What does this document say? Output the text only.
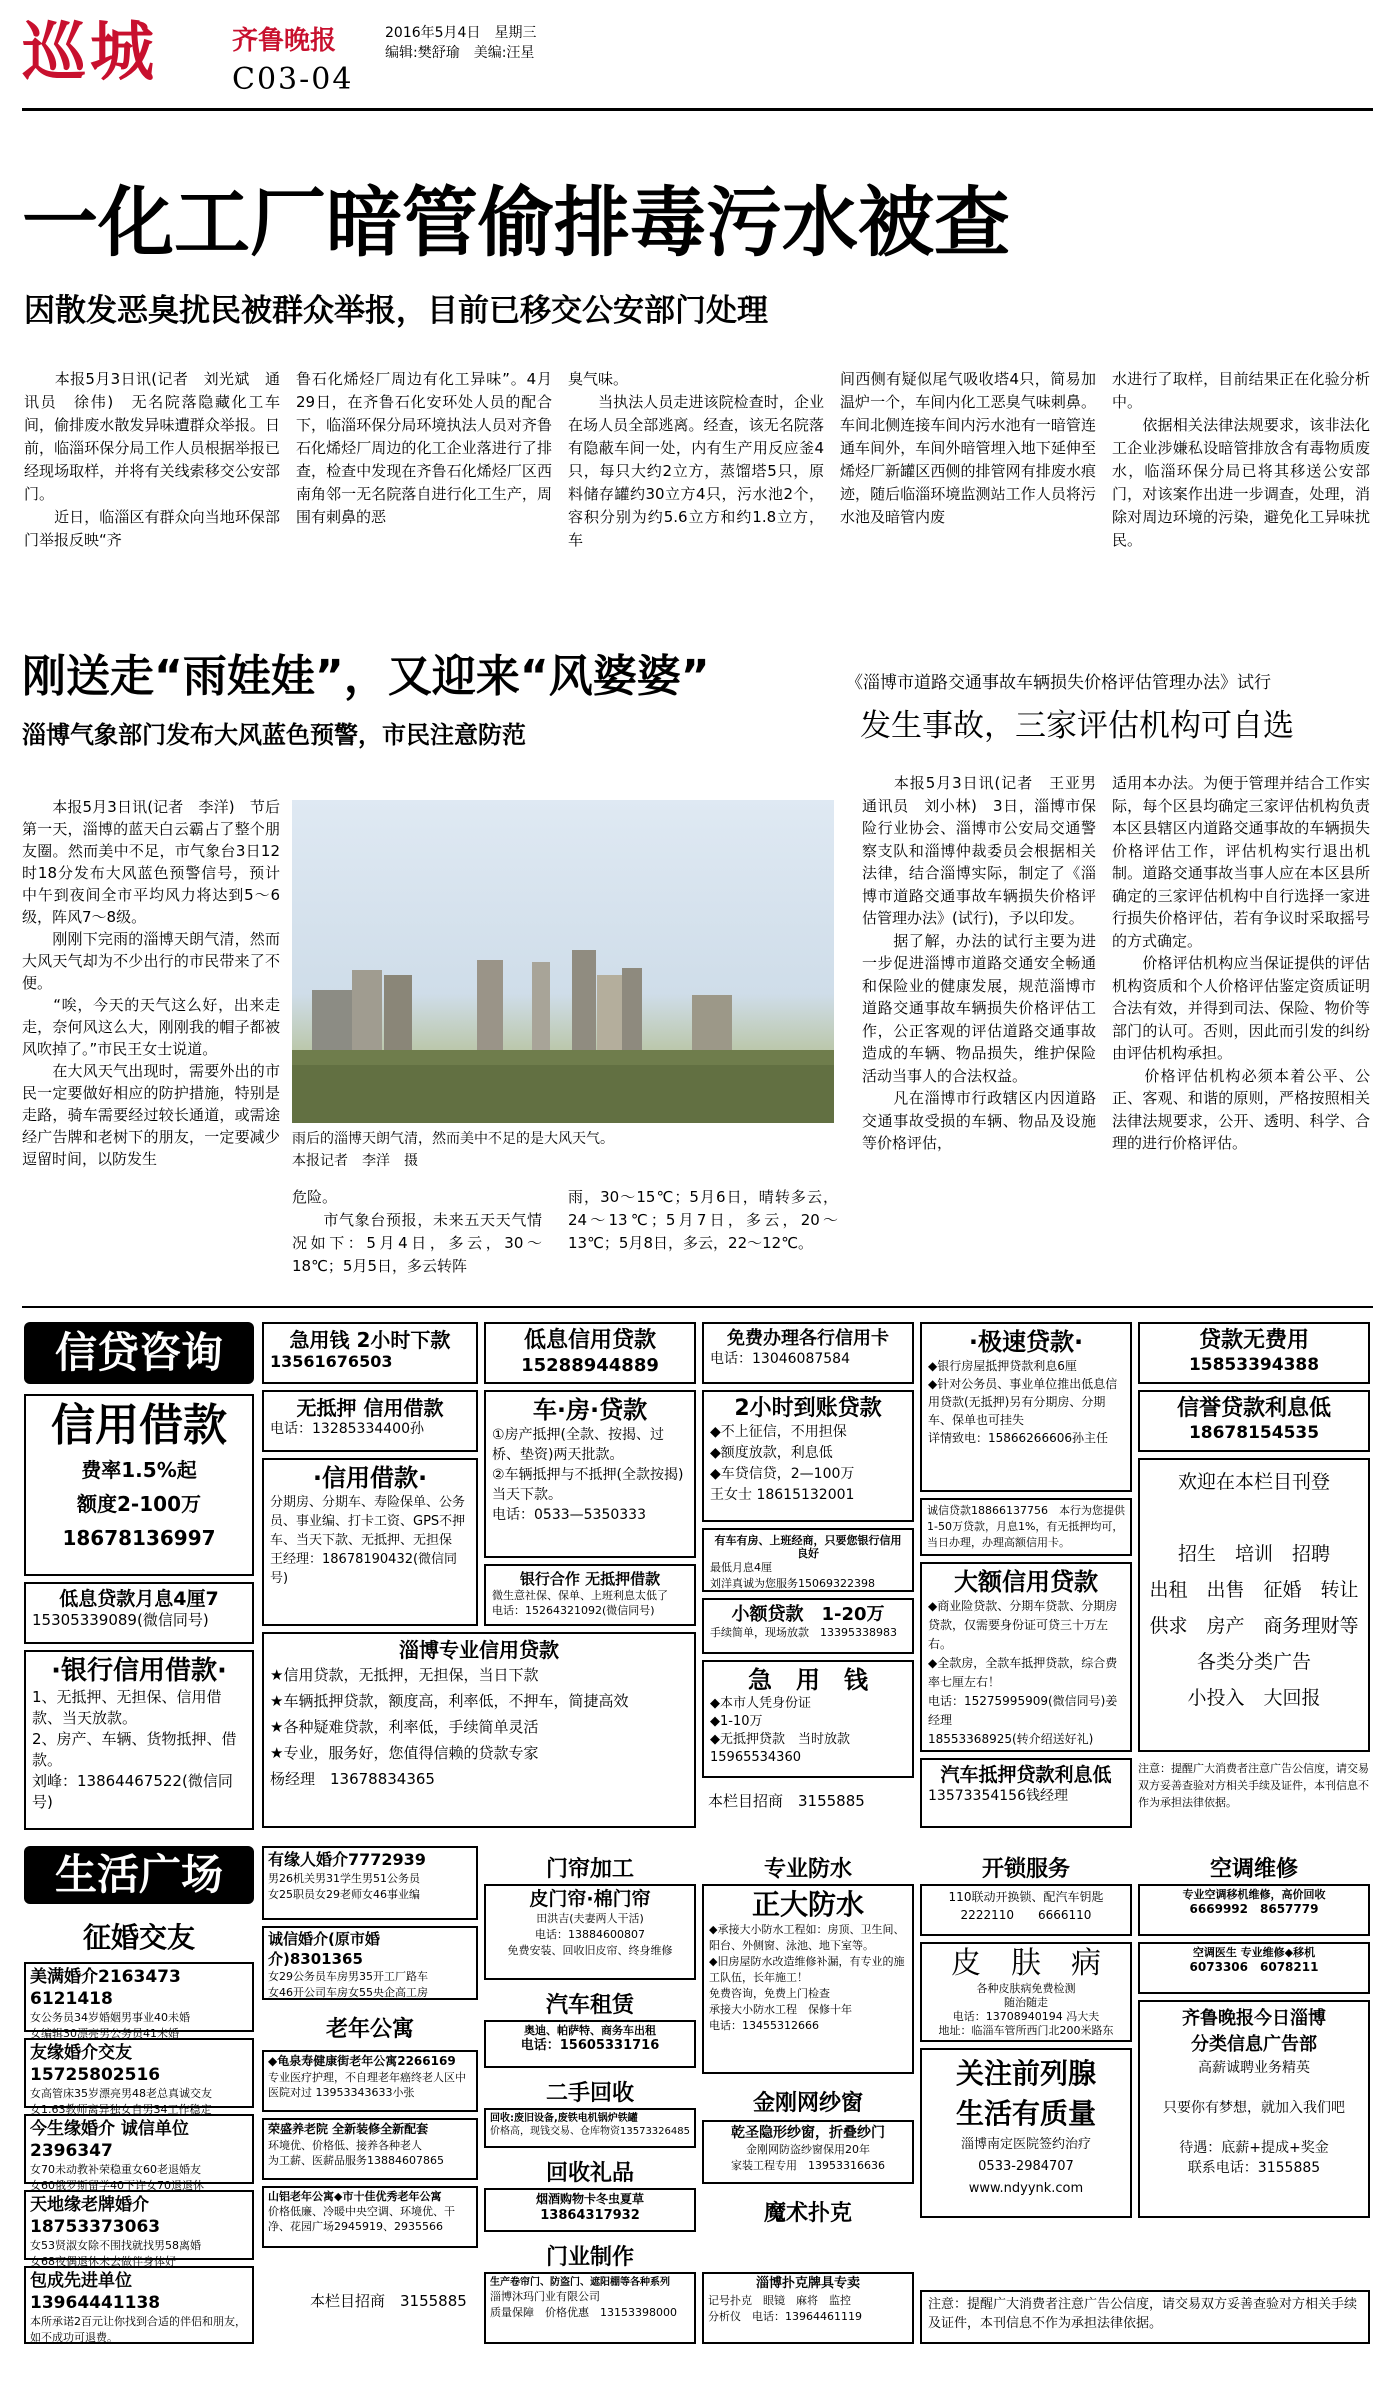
巡城	齐鲁晚报	2016年5月4日　 星期三
编辑:樊舒瑜　 美编:汪星
C03-04
一化工厂暗管偷排毒污水被查
因散发恶臭扰民被群众举报，目前已移交公安部门处理
　　本报5月3日讯(记者　刘光斌　通讯员　徐伟)　无名院落隐藏化工车间，偷排废水散发异味遭群众举报。日前，临淄环保分局工作人员根据举报已经现场取样，并将有关线索移交公安部门。
　　近日，临淄区有群众向当地环保部门举报反映“齐
鲁石化烯烃厂周边有化工异味”。4月29日，在齐鲁石化安环处人员的配合下，临淄环保分局环境执法人员对齐鲁石化烯烃厂周边的化工企业落进行了排查，检查中发现在齐鲁石化烯烃厂区西南角邻一无名院落自进行化工生产，周围有刺鼻的恶
臭气味。
　　当执法人员走进该院检查时，企业在场人员全部逃离。经查，该无名院落有隐蔽车间一处，内有生产用反应釜4只，每只大约2立方，蒸馏塔5只，原料储存罐约30立方4只，污水池2个，容积分别为约5.6立方和约1.8立方，车
间西侧有疑似尾气吸收塔4只，简易加温炉一个，车间内化工恶臭气味刺鼻。车间北侧连接车间内污水池有一暗管连通车间外，车间外暗管埋入地下延伸至烯烃厂新罐区西侧的排管网有排废水痕迹，随后临淄环境监测站工作人员将污水池及暗管内废
水进行了取样，目前结果正在化验分析中。
　　依据相关法律法规要求，该非法化工企业涉嫌私设暗管排放含有毒物质废水，临淄环保分局已将其移送公安部门，对该案作出进一步调查，处理，消除对周边环境的污染，避免化工异味扰民。
刚送走“雨娃娃”，又迎来“风婆婆”
淄博气象部门发布大风蓝色预警，市民注意防范
　　本报5月3日讯(记者　李洋)　节后第一天，淄博的蓝天白云霸占了整个朋友圈。然而美中不足，市气象台3日12时18分发布大风蓝色预警信号，预计中午到夜间全市平均风力将达到5～6级，阵风7～8级。
　　刚刚下完雨的淄博天朗气清，然而大风天气却为不少出行的市民带来了不便。
　　“唉，今天的天气这么好，出来走走，奈何风这么大，刚刚我的帽子都被风吹掉了。”市民王女士说道。
　　在大风天气出现时，需要外出的市民一定要做好相应的防护措施，特别是走路，骑车需要经过较长通道，或需途经广告牌和老树下的朋友，一定要减少逗留时间，以防发生
雨后的淄博天朗气清，然而美中不足的是大风天气。
本报记者　李洋　摄
危险。
　　市气象台预报，未来五天天气情况如下：5月4日，多云，30～18℃；5月5日，多云转阵
雨，30～15℃；5月6日，晴转多云，24～13℃；5月7日，多云，20～13℃；5月8日，多云，22～12℃。
《淄博市道路交通事故车辆损失价格评估管理办法》试行
发生事故，三家评估机构可自选
　　本报5月3日讯(记者　王亚男　通讯员　刘小林)　3日，淄博市保险行业协会、淄博市公安局交通警察支队和淄博仲裁委员会根据相关法律，结合淄博实际，制定了《淄博市道路交通事故车辆损失价格评估管理办法》(试行)，予以印发。
　　据了解，办法的试行主要为进一步促进淄博市道路交通安全畅通和保险业的健康发展，规范淄博市道路交通事故车辆损失价格评估工作，公正客观的评估道路交通事故造成的车辆、物品损失，维护保险活动当事人的合法权益。
　　凡在淄博市行政辖区内因道路交通事故受损的车辆、物品及设施等价格评估，
适用本办法。为便于管理并结合工作实际，每个区县均确定三家评估机构负责本区县辖区内道路交通事故的车辆损失价格评估工作，评估机构实行退出机制。道路交通事故当事人应在本区县所确定的三家评估机构中自行选择一家进行损失价格评估，若有争议时采取摇号的方式确定。
　　价格评估机构应当保证提供的评估机构资质和个人价格评估鉴定资质证明合法有效，并得到司法、保险、物价等部门的认可。否则，因此而引发的纠纷由评估机构承担。
　　价格评估机构必须本着公平、公正、客观、和谐的原则，严格按照相关法律法规要求，公开、透明、科学、合理的进行价格评估。
信贷咨询
信用借款
费率1.5%起
额度2-100万
18678136997
低息贷款月息4厘7
15305339089(微信同号)
·银行信用借款·
1、无抵押、无担保、信用借款、当天放款。
2、房产、车辆、货物抵押、借款。
刘峰：13864467522(微信同号)
急用钱 2小时下款
13561676503
无抵押 信用借款
电话：13285334400孙
·信用借款·
分期房、分期车、寿险保单、公务员、事业编、打卡工资、GPS不押车、当天下款、无抵押、无担保
王经理：18678190432(微信同号)
低息信用贷款
15288944889
车·房·贷款
①房产抵押(全款、按揭、过桥、垫资)两天批款。
②车辆抵押与不抵押(全款按揭)当天下款。
电话：0533—5350333
银行合作 无抵押借款
微生意社保、保单、上班利息太低了
电话：15264321092(微信同号)
淄博专业信用贷款
★信用贷款，无抵押，无担保，当日下款
★车辆抵押贷款，额度高，利率低，不押车，简捷高效
★各种疑难贷款，利率低，手续简单灵活
★专业，服务好，您值得信赖的贷款专家
杨经理　13678834365
免费办理各行信用卡
电话：13046087584
2小时到账贷款
◆不上征信，不用担保
◆额度放款，利息低
◆车贷信贷，2—100万
王女士 18615132001
有车有房、上班经商，只要您银行信用良好
最低月息4厘
刘洋真诚为您服务15069322398
小额贷款　1-20万
手续简单，现场放款　13395338983
急　用　钱
◆本市人凭身份证
◆1-10万
◆无抵押贷款　当时放款
15965534360
本栏目招商　3155885
·极速贷款·
◆银行房屋抵押贷款利息6厘
◆针对公务员、事业单位推出低息信用贷款(无抵押)另有分期房、分期车、保单也可挂失
详情致电：15866266606孙主任
诚信贷款18866137756　本行为您提供1-50万贷款，月息1%，有无抵押均可，当日办理，办理高额信用卡。
大额信用贷款
◆商业险贷款、分期车贷款、分期房贷款，仅需要身份证可贷三十万左右。
◆全款房，全款车抵押贷款，综合费率七厘左右！
电话：15275995909(微信同号)姜经理
18553368925(转介绍送好礼)
汽车抵押贷款利息低
13573354156钱经理
贷款无费用
15853394388
信誉贷款利息低
18678154535
欢迎在本栏目刊登

招生　培训　招聘
出租　出售　征婚　转让
供求　房产　商务理财等
各类分类广告
小投入　大回报
注意：提醒广大消费者注意广告公信度，请交易双方妥善查验对方相关手续及证件，本刊信息不作为承担法律依据。
生活广场
征婚交友
美满婚介2163473 6121418
女公务员34岁婚姻男事业40未婚
女编辑30漂亮男公务员41未婚
友缘婚介交友15725802516
女高管床35岁漂亮男48老总真诚交友
女1.63教师离异独女自男34工作稳定
今生缘婚介 诚信单位2396347
女70未动教补荣稳重女60老退婚友
女60俄罗斯留学40下许女70退退休
天地缘老牌婚介18753373063
女53贤淑女除不围找就找男58离婚
女68夜偶退休未去做伴身体好
包成先进单位13964441138
本所承诺2百元让你找到合适的伴侣和朋友，如不成功可退费。
有缘人婚介7772939
男26机关男31学生男51公务员
女25职员女29老师女46事业编
诚信婚介(原市婚介)8301365
女29公务员车房男35开工厂路车
女46开公司车房女55央企高工房
老年公寓
◆龟泉寿健康街老年公寓2266169
专业医疗护理，不自理老年癌终老人区中医院对过 13953343633小张
荣盛养老院 全新装修全新配套
环境优、价格低、接养各种老人
为工薪、医薪品服务13884607865
山铝老年公寓◆市十佳优秀老年公寓
价格低廉、冷暖中央空调、环境优、干净、花园广场2945919、2935566
本栏目招商　3155885
门帘加工
皮门帘·棉门帘
田洪吉(夫妻两人干活)
电话：13884600807
免费安装、回收旧皮帘、终身维修
汽车租赁
奥迪、帕萨特、商务车出租
电话：15605331716
二手回收
回收:废旧设备,废铁电机锅炉铁罐
价格高，现钱交易、仓库物资13573326485
回收礼品
烟酒购物卡冬虫夏草
13864317932
门业制作
生产卷帘门、防盗门、遮阳棚等各种系列
淄博沐玛门业有限公司
质量保障　价格优惠　13153398000
专业防水
正大防水
◆承接大小防水工程如：房顶、卫生间、阳台、外侧窗、泳池、地下室等。
◆旧房屋防水改造维修补漏，有专业的施工队伍，长年施工！
免费咨询，免费上门检查
承接大小防水工程　保修十年
电话：13455312666
金刚网纱窗
乾圣隐形纱窗，折叠纱门
金刚网防盗纱窗保用20年
家装工程专用　13953316636
魔术扑克
淄博扑克牌具专卖
记号扑克　眼镜　麻将　监控
分析仪　电话：13964461119
开锁服务
110联动开换锁、配汽车钥匙
2222110　　6666110
皮　肤　病
各种皮肤病免费检测
随治随走
电话：13708940194 冯大夫
地址：临淄车管所西门北200米路东
关注前列腺
生活有质量
淄博南定医院签约治疗
0533-2984707
www.ndyynk.com
空调维修
专业空调移机维修，高价回收
6669992　8657779
空调医生 专业维修◆移机
6073306　6078211
齐鲁晚报今日淄博
分类信息广告部
高薪诚聘业务精英

只要你有梦想，就加入我们吧

待遇：底薪+提成+奖金
联系电话：3155885
注意：提醒广大消费者注意广告公信度，请交易双方妥善查验对方相关手续及证件，本刊信息不作为承担法律依据。
